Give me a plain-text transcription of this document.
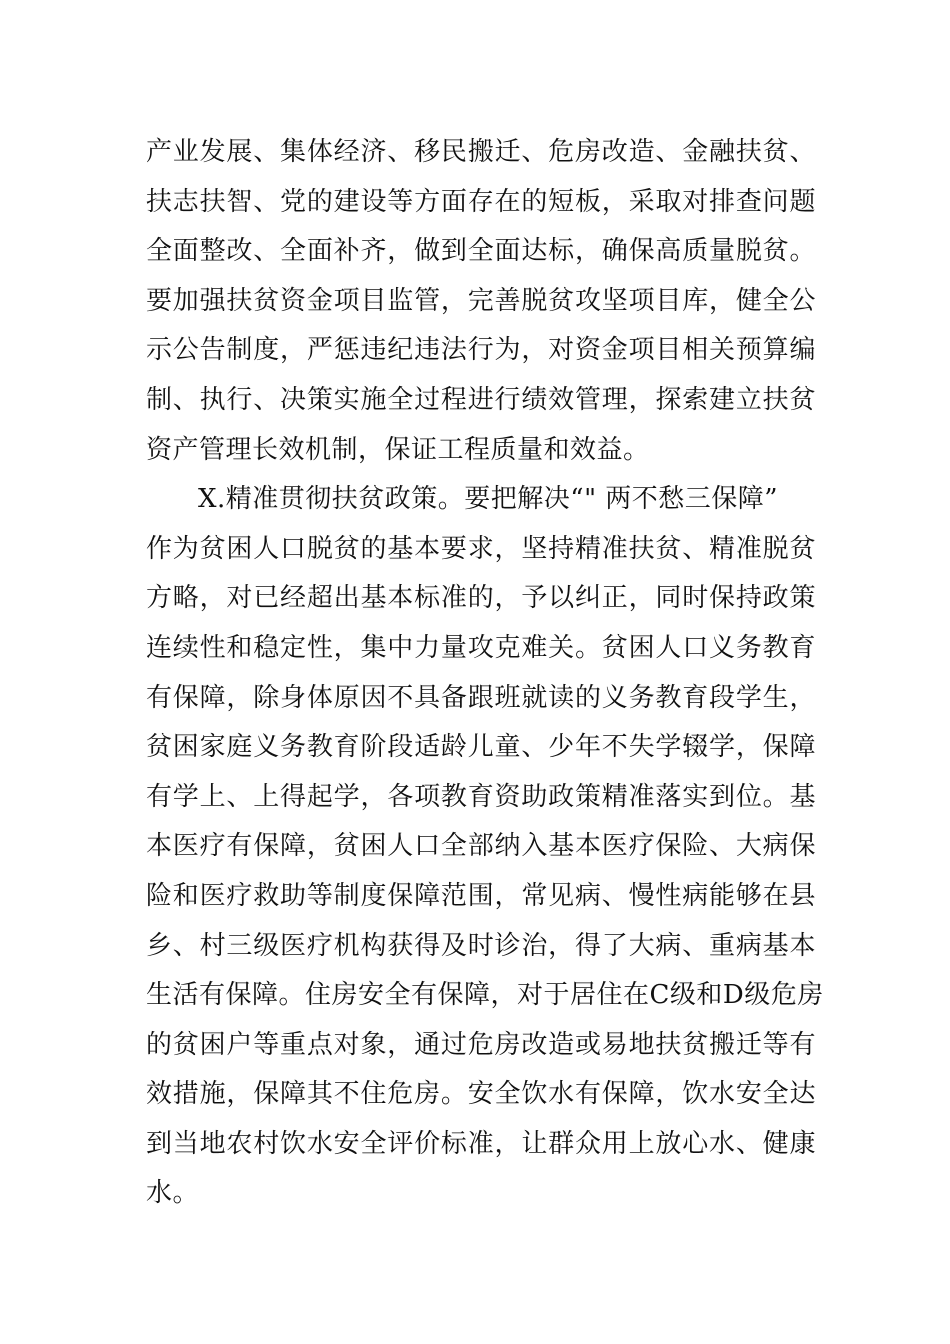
产业发展、集体经济、移民搬迁、危房改造、金融扶贫、
扶志扶智、党的建设等方面存在的短板，采取对排查问题
全面整改、全面补齐，做到全面达标，确保高质量脱贫。
要加强扶贫资金项目监管，完善脱贫攻坚项目库，健全公
示公告制度，严惩违纪违法行为，对资金项目相关预算编
制、执行、决策实施全过程进行绩效管理，探索建立扶贫
资产管理长效机制，保证工程质量和效益。
X.精准贯彻扶贫政策。要把解决“" 两不愁三保障”
作为贫困人口脱贫的基本要求，坚持精准扶贫、精准脱贫
方略，对已经超出基本标准的，予以纠正，同时保持政策
连续性和稳定性，集中力量攻克难关。贫困人口义务教育
有保障，除身体原因不具备跟班就读的义务教育段学生，
贫困家庭义务教育阶段适龄儿童、少年不失学辍学，保障
有学上、上得起学，各项教育资助政策精准落实到位。基
本医疗有保障，贫困人口全部纳入基本医疗保险、大病保
险和医疗救助等制度保障范围，常见病、慢性病能够在县
乡、村三级医疗机构获得及时诊治，得了大病、重病基本
生活有保障。住房安全有保障，对于居住在C级和D级危房
的贫困户等重点对象，通过危房改造或易地扶贫搬迁等有
效措施，保障其不住危房。安全饮水有保障，饮水安全达
到当地农村饮水安全评价标准，让群众用上放心水、健康
水。
